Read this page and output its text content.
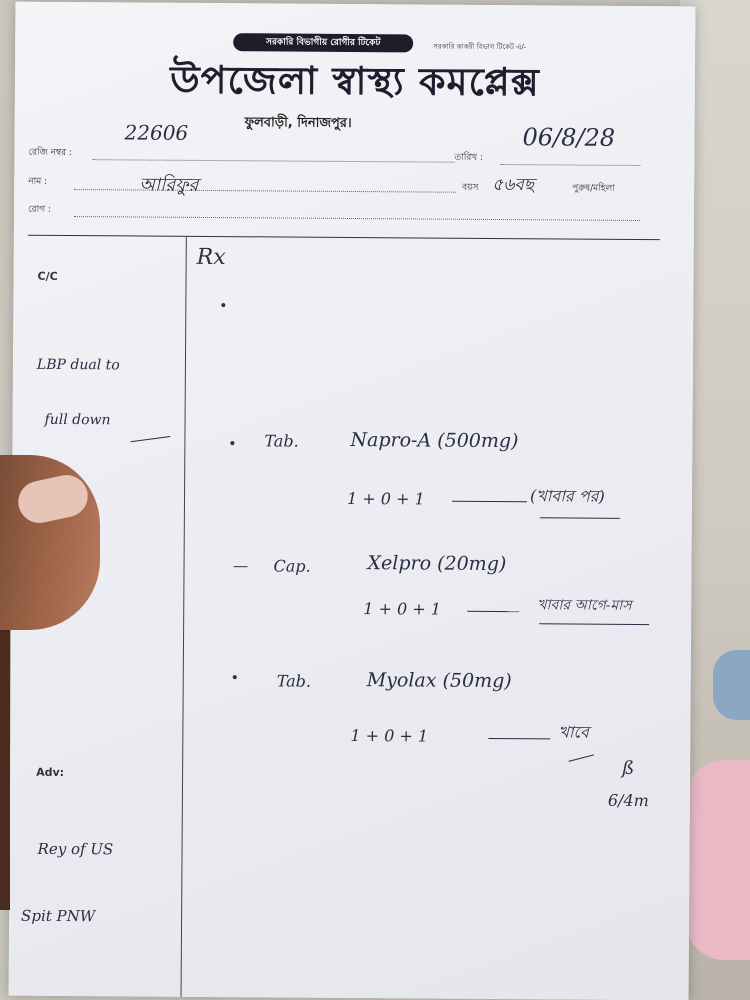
সরকারি বিভাগীয় রোগীর টিকেট	সরকারি কাকরী বিভাগ টিকেট এ/-
উপজেলা স্বাস্থ্য কমপ্লেক্স
ফুলবাড়ী, দিনাজপুর।
রেজি নম্বর :
22606
তারিখ :
06/8/28
নাম :	আরিফুর	বয়স ৫৬বছ	পুরুষ/মহিলা
রোগ :
C/C
LBP dual to
full down
Adv:
Rey of US
Spit PNW
Rx
Tab.	Napro-A (500mg)
1 + 0 + 1	(খাবার পর)
Cap.	Xelpro (20mg)
1 + 0 + 1	খাবার আগে-মাস
Tab.	Myolax (50mg)
1 + 0 + 1	খাবে
ß
6/4m
